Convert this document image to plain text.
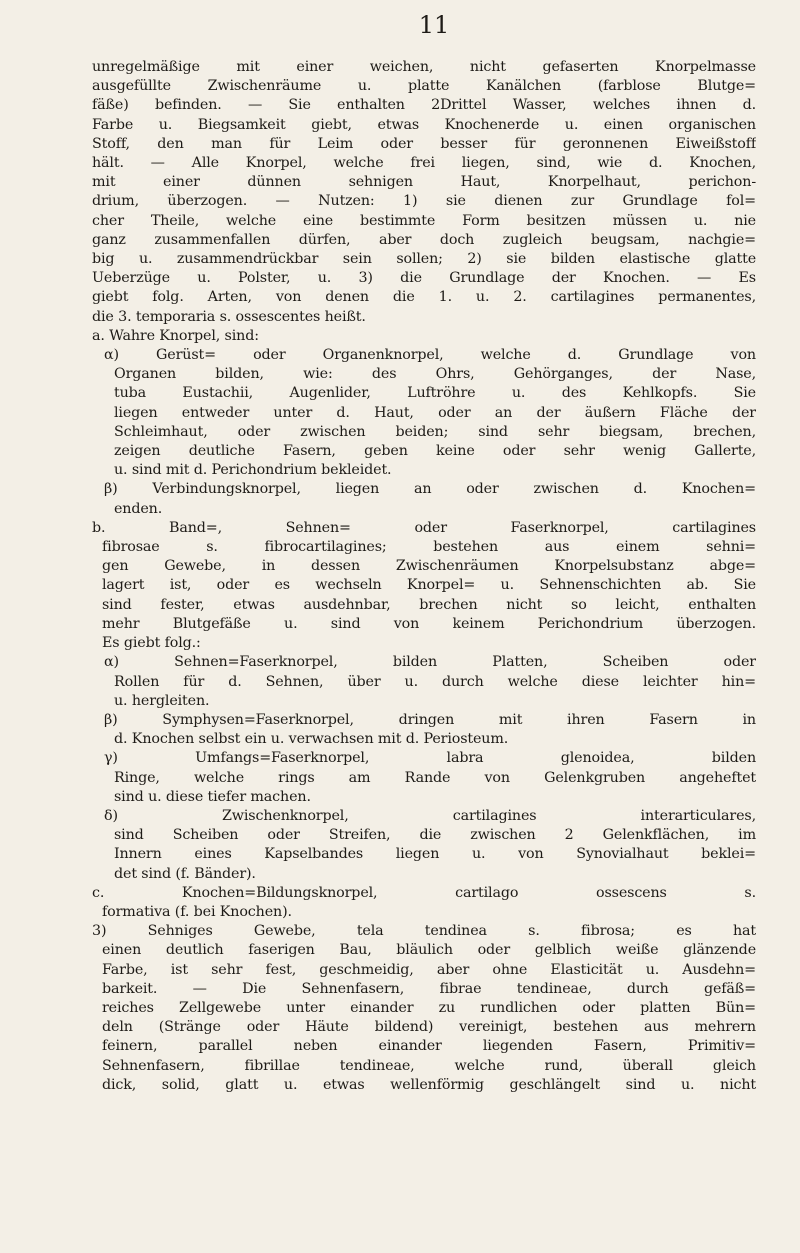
11
unregelmäßige mit einer weichen, nicht gefaserten Knorpelmasse
ausgefüllte Zwischenräume u. platte Kanälchen (farblose Blutge=
fäße) befinden. — Sie enthalten 2Drittel Wasser, welches ihnen d.
Farbe u. Biegsamkeit giebt, etwas Knochenerde u. einen organischen
Stoff, den man für Leim oder besser für geronnenen Eiweißstoff
hält. — Alle Knorpel, welche frei liegen, sind, wie d. Knochen,
mit einer dünnen sehnigen Haut, Knorpelhaut, perichon-
drium, überzogen. — Nutzen: 1) sie dienen zur Grundlage fol=
cher Theile, welche eine bestimmte Form besitzen müssen u. nie
ganz zusammenfallen dürfen, aber doch zugleich beugsam, nachgie=
big u. zusammendrückbar sein sollen; 2) sie bilden elastische glatte
Ueberzüge u. Polster, u. 3) die Grundlage der Knochen. — Es
giebt folg. Arten, von denen die 1. u. 2. cartilagines permanentes,
die 3. temporaria s. ossescentes heißt.
a. Wahre Knorpel, sind:
α) Gerüst= oder Organenknorpel, welche d. Grundlage von
Organen bilden, wie: des Ohrs, Gehörganges, der Nase,
tuba Eustachii, Augenlider, Luftröhre u. des Kehlkopfs. Sie
liegen entweder unter d. Haut, oder an der äußern Fläche der
Schleimhaut, oder zwischen beiden; sind sehr biegsam, brechen,
zeigen deutliche Fasern, geben keine oder sehr wenig Gallerte,
u. sind mit d. Perichondrium bekleidet.
β) Verbindungsknorpel, liegen an oder zwischen d. Knochen=
enden.
b. Band=, Sehnen= oder Faserknorpel, cartilagines
fibrosae s. fibrocartilagines; bestehen aus einem sehni=
gen Gewebe, in dessen Zwischenräumen Knorpelsubstanz abge=
lagert ist, oder es wechseln Knorpel= u. Sehnenschichten ab. Sie
sind fester, etwas ausdehnbar, brechen nicht so leicht, enthalten
mehr Blutgefäße u. sind von keinem Perichondrium überzogen.
Es giebt folg.:
α) Sehnen=Faserknorpel, bilden Platten, Scheiben oder
Rollen für d. Sehnen, über u. durch welche diese leichter hin=
u. hergleiten.
β) Symphysen=Faserknorpel, dringen mit ihren Fasern in
d. Knochen selbst ein u. verwachsen mit d. Periosteum.
γ) Umfangs=Faserknorpel, labra glenoidea, bilden
Ringe, welche rings am Rande von Gelenkgruben angeheftet
sind u. diese tiefer machen.
δ) Zwischenknorpel, cartilagines interarticulares,
sind Scheiben oder Streifen, die zwischen 2 Gelenkflächen, im
Innern eines Kapselbandes liegen u. von Synovialhaut beklei=
det sind (f. Bänder).
c. Knochen=Bildungsknorpel, cartilago ossescens s.
formativa (f. bei Knochen).
3) Sehniges Gewebe, tela tendinea s. fibrosa; es hat
einen deutlich faserigen Bau, bläulich oder gelblich weiße glänzende
Farbe, ist sehr fest, geschmeidig, aber ohne Elasticität u. Ausdehn=
barkeit. — Die Sehnenfasern, fibrae tendineae, durch gefäß=
reiches Zellgewebe unter einander zu rundlichen oder platten Bün=
deln (Stränge oder Häute bildend) vereinigt, bestehen aus mehrern
feinern, parallel neben einander liegenden Fasern, Primitiv=
Sehnenfasern, fibrillae tendineae, welche rund, überall gleich
dick, solid, glatt u. etwas wellenförmig geschlängelt sind u. nicht
